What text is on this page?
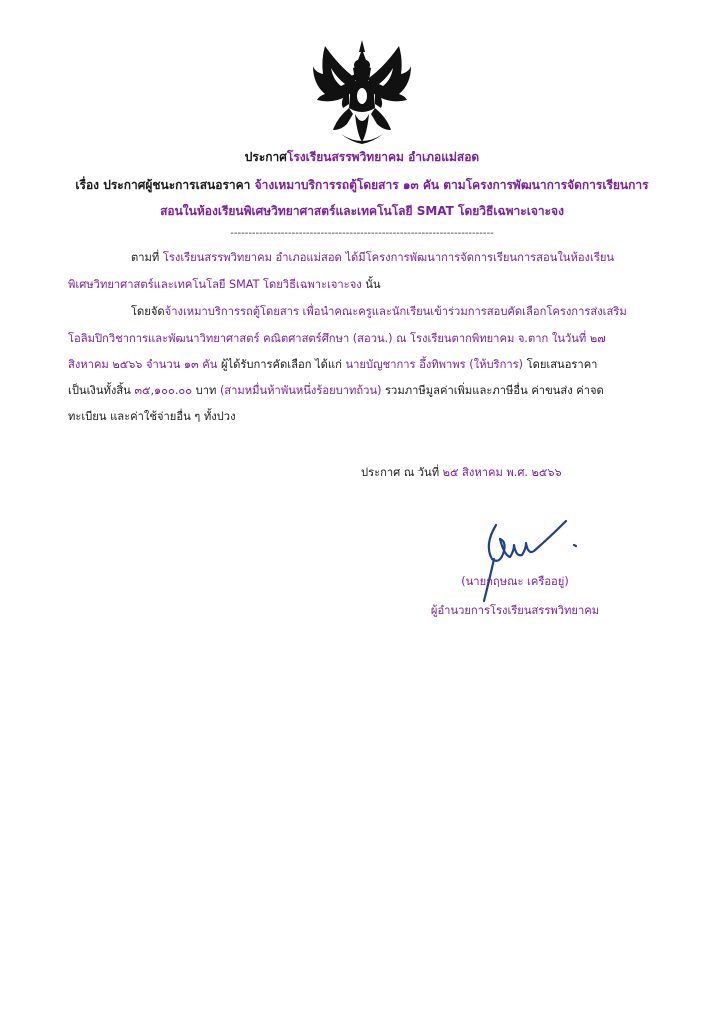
ประกาศโรงเรียนสรรพวิทยาคม อำเภอแม่สอด
เรื่อง ประกาศผู้ชนะการเสนอราคา จ้างเหมาบริการรถตู้โดยสาร ๑๓ คัน ตามโครงการพัฒนาการจัดการเรียนการ
สอนในห้องเรียนพิเศษวิทยาศาสตร์และเทคโนโลยี SMAT โดยวิธีเฉพาะเจาะจง
-------------------------------------------------------------------------
ตามที่ โรงเรียนสรรพวิทยาคม อำเภอแม่สอด ได้มีโครงการพัฒนาการจัดการเรียนการสอนในห้องเรียน
พิเศษวิทยาศาสตร์และเทคโนโลยี SMAT โดยวิธีเฉพาะเจาะจง นั้น
โดยจัดจ้างเหมาบริการรถตู้โดยสาร เพื่อนำคณะครูและนักเรียนเข้าร่วมการสอบคัดเลือกโครงการส่งเสริม
โอลิมปิกวิชาการและพัฒนาวิทยาศาสตร์ คณิตศาสตร์ศึกษา (สอวน.) ณ โรงเรียนตากพิทยาคม จ.ตาก ในวันที่ ๒๗
สิงหาคม ๒๕๖๖ จำนวน ๑๓ คัน ผู้ได้รับการคัดเลือก ได้แก่ นายบัญชาการ อึ้งทิพาพร (ให้บริการ) โดยเสนอราคา
เป็นเงินทั้งสิ้น ๓๕,๑๐๐.๐๐ บาท (สามหมื่นห้าพันหนึ่งร้อยบาทถ้วน) รวมภาษีมูลค่าเพิ่มและภาษีอื่น ค่าขนส่ง ค่าจด
ทะเบียน และค่าใช้จ่ายอื่น ๆ ทั้งปวง
ประกาศ ณ วันที่ ๒๕ สิงหาคม พ.ศ. ๒๕๖๖
(นายกฤษณะ เครืออยู่)
ผู้อำนวยการโรงเรียนสรรพวิทยาคม
